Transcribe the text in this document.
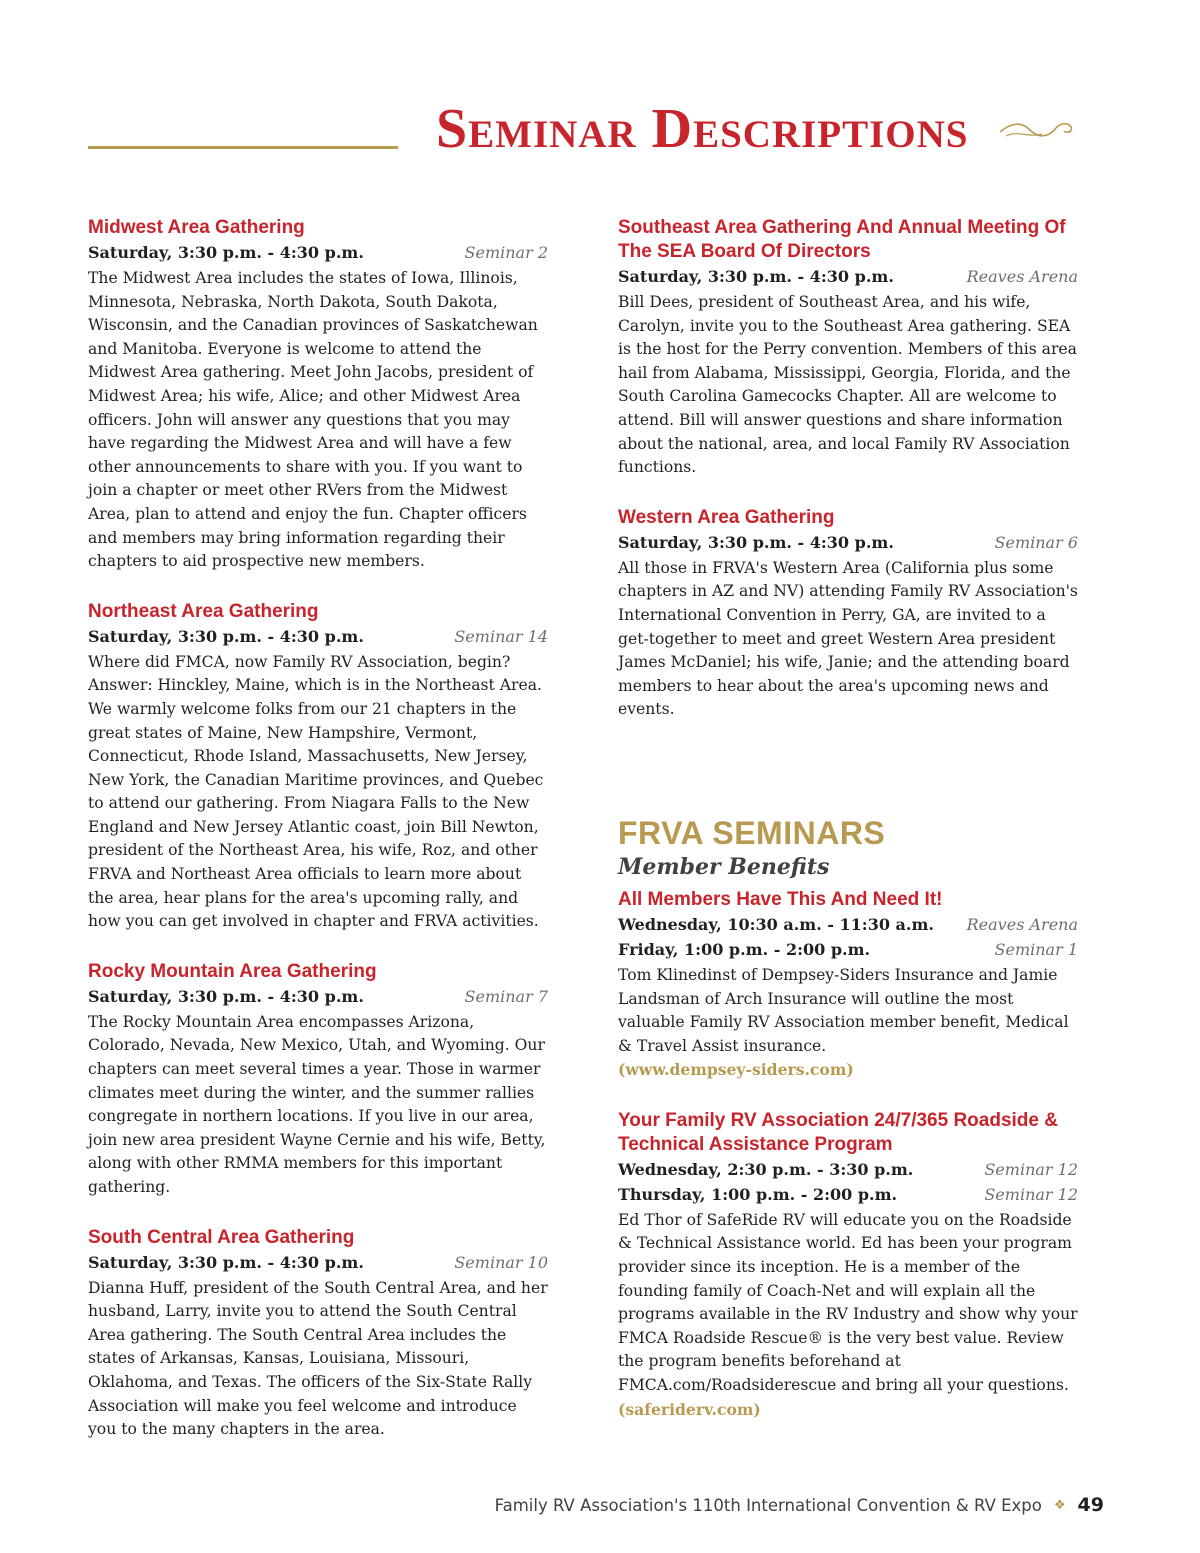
Seminar Descriptions
Midwest Area Gathering
Saturday, 3:30 p.m. - 4:30 p.m.	Seminar 2

The Midwest Area includes the states of Iowa, Illinois, Minnesota, Nebraska, North Dakota, South Dakota, Wisconsin, and the Canadian provinces of Saskatchewan and Manitoba. Everyone is welcome to attend the Midwest Area gathering. Meet John Jacobs, president of Midwest Area; his wife, Alice; and other Midwest Area officers. John will answer any questions that you may have regarding the Midwest Area and will have a few other announcements to share with you. If you want to join a chapter or meet other RVers from the Midwest Area, plan to attend and enjoy the fun. Chapter officers and members may bring information regarding their chapters to aid prospective new members.

Northeast Area Gathering
Saturday, 3:30 p.m. - 4:30 p.m.	Seminar 14

Where did FMCA, now Family RV Association, begin? Answer: Hinckley, Maine, which is in the Northeast Area. We warmly welcome folks from our 21 chapters in the great states of Maine, New Hampshire, Vermont, Connecticut, Rhode Island, Massachusetts, New Jersey, New York, the Canadian Maritime provinces, and Quebec to attend our gathering. From Niagara Falls to the New England and New Jersey Atlantic coast, join Bill Newton, president of the Northeast Area, his wife, Roz, and other FRVA and Northeast Area officials to learn more about the area, hear plans for the area's upcoming rally, and how you can get involved in chapter and FRVA activities.

Rocky Mountain Area Gathering
Saturday, 3:30 p.m. - 4:30 p.m.	Seminar 7

The Rocky Mountain Area encompasses Arizona, Colorado, Nevada, New Mexico, Utah, and Wyoming. Our chapters can meet several times a year. Those in warmer climates meet during the winter, and the summer rallies congregate in northern locations. If you live in our area, join new area president Wayne Cernie and his wife, Betty, along with other RMMA members for this important gathering.

South Central Area Gathering
Saturday, 3:30 p.m. - 4:30 p.m.	Seminar 10

Dianna Huff, president of the South Central Area, and her husband, Larry, invite you to attend the South Central Area gathering. The South Central Area includes the states of Arkansas, Kansas, Louisiana, Missouri, Oklahoma, and Texas. The officers of the Six-State Rally Association will make you feel welcome and introduce you to the many chapters in the area.

Southeast Area Gathering And Annual Meeting Of The SEA Board Of Directors
Saturday, 3:30 p.m. - 4:30 p.m.	Reaves Arena

Bill Dees, president of Southeast Area, and his wife, Carolyn, invite you to the Southeast Area gathering. SEA is the host for the Perry convention. Members of this area hail from Alabama, Mississippi, Georgia, Florida, and the South Carolina Gamecocks Chapter. All are welcome to attend. Bill will answer questions and share information about the national, area, and local Family RV Association functions.

Western Area Gathering
Saturday, 3:30 p.m. - 4:30 p.m.	Seminar 6

All those in FRVA's Western Area (California plus some chapters in AZ and NV) attending Family RV Association's International Convention in Perry, GA, are invited to a get-together to meet and greet Western Area president James McDaniel; his wife, Janie; and the attending board members to hear about the area's upcoming news and events.

FRVA SEMINARS
Member Benefits
All Members Have This And Need It!
Wednesday, 10:30 a.m. - 11:30 a.m. Reaves Arena
Friday, 1:00 p.m. - 2:00 p.m.	Seminar 1

Tom Klinedinst of Dempsey-Siders Insurance and Jamie Landsman of Arch Insurance will outline the most valuable Family RV Association member benefit, Medical & Travel Assist insurance.
(www.dempsey-siders.com)

Your Family RV Association 24/7/365 Roadside & Technical Assistance Program
Wednesday, 2:30 p.m. - 3:30 p.m.	Seminar 12
Thursday, 1:00 p.m. - 2:00 p.m.	Seminar 12

Ed Thor of SafeRide RV will educate you on the Roadside & Technical Assistance world. Ed has been your program provider since its inception. He is a member of the founding family of Coach-Net and will explain all the programs available in the RV Industry and show why your FMCA Roadside Rescue® is the very best value. Review the program benefits beforehand at FMCA.com/Roadsiderescue and bring all your questions. (saferiderv.com)

Family RV Association's 110th International Convention & RV Expo ❖ 49
